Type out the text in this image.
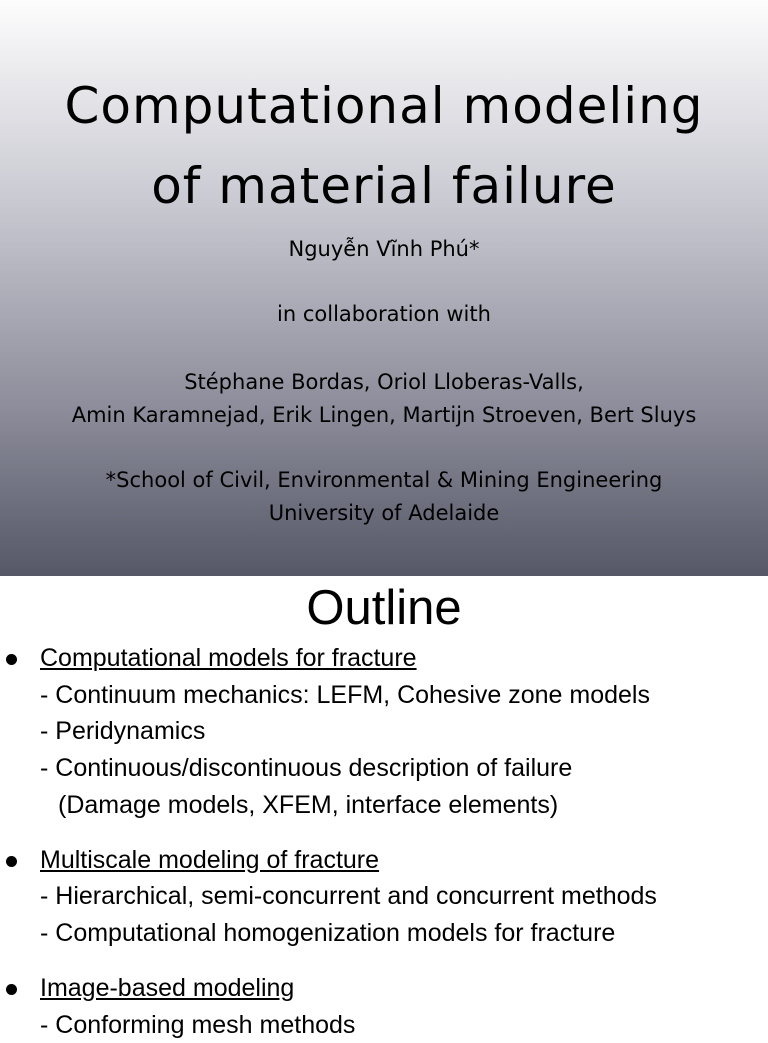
Computational modeling
of material failure
Nguyễn Vĩnh Phú*
in collaboration with
Stéphane Bordas, Oriol Lloberas-Valls,
Amin Karamnejad, Erik Lingen, Martijn Stroeven, Bert Sluys
*School of Civil, Environmental & Mining Engineering
University of Adelaide
Outline
Computational models for fracture
- Continuum mechanics: LEFM, Cohesive zone models
- Peridynamics
- Continuous/discontinuous description of failure
(Damage models, XFEM, interface elements)
Multiscale modeling of fracture
- Hierarchical, semi-concurrent and concurrent methods
- Computational homogenization models for fracture
Image-based modeling
- Conforming mesh methods
